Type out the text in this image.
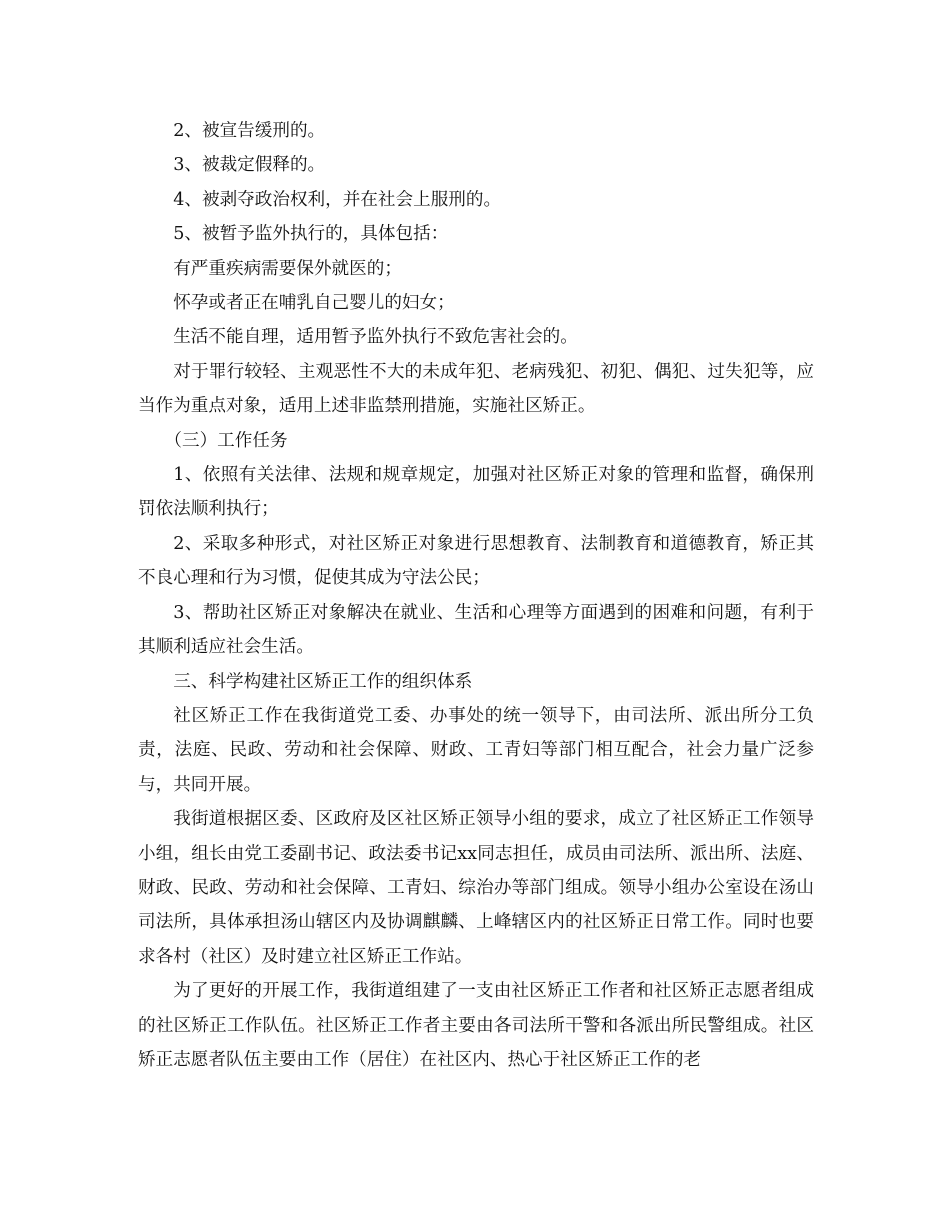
2、被宣告缓刑的。

3、被裁定假释的。

4、被剥夺政治权利，并在社会上服刑的。

5、被暂予监外执行的，具体包括：

有严重疾病需要保外就医的；

怀孕或者正在哺乳自己婴儿的妇女；

生活不能自理，适用暂予监外执行不致危害社会的。

对于罪行较轻、主观恶性不大的未成年犯、老病残犯、初犯、偶犯、过失犯等，应当作为重点对象，适用上述非监禁刑措施，实施社区矫正。

（三）工作任务

1、依照有关法律、法规和规章规定，加强对社区矫正对象的管理和监督，确保刑罚依法顺利执行；

2、采取多种形式，对社区矫正对象进行思想教育、法制教育和道德教育，矫正其不良心理和行为习惯，促使其成为守法公民；

3、帮助社区矫正对象解决在就业、生活和心理等方面遇到的困难和问题，有利于其顺利适应社会生活。

三、科学构建社区矫正工作的组织体系

社区矫正工作在我街道党工委、办事处的统一领导下，由司法所、派出所分工负责，法庭、民政、劳动和社会保障、财政、工青妇等部门相互配合，社会力量广泛参与，共同开展。

我街道根据区委、区政府及区社区矫正领导小组的要求，成立了社区矫正工作领导小组，组长由党工委副书记、政法委书记xx同志担任，成员由司法所、派出所、法庭、财政、民政、劳动和社会保障、工青妇、综治办等部门组成。领导小组办公室设在汤山司法所，具体承担汤山辖区内及协调麒麟、上峰辖区内的社区矫正日常工作。同时也要求各村（社区）及时建立社区矫正工作站。

为了更好的开展工作，我街道组建了一支由社区矫正工作者和社区矫正志愿者组成的社区矫正工作队伍。社区矫正工作者主要由各司法所干警和各派出所民警组成。社区矫正志愿者队伍主要由工作（居住）在社区内、热心于社区矫正工作的老
